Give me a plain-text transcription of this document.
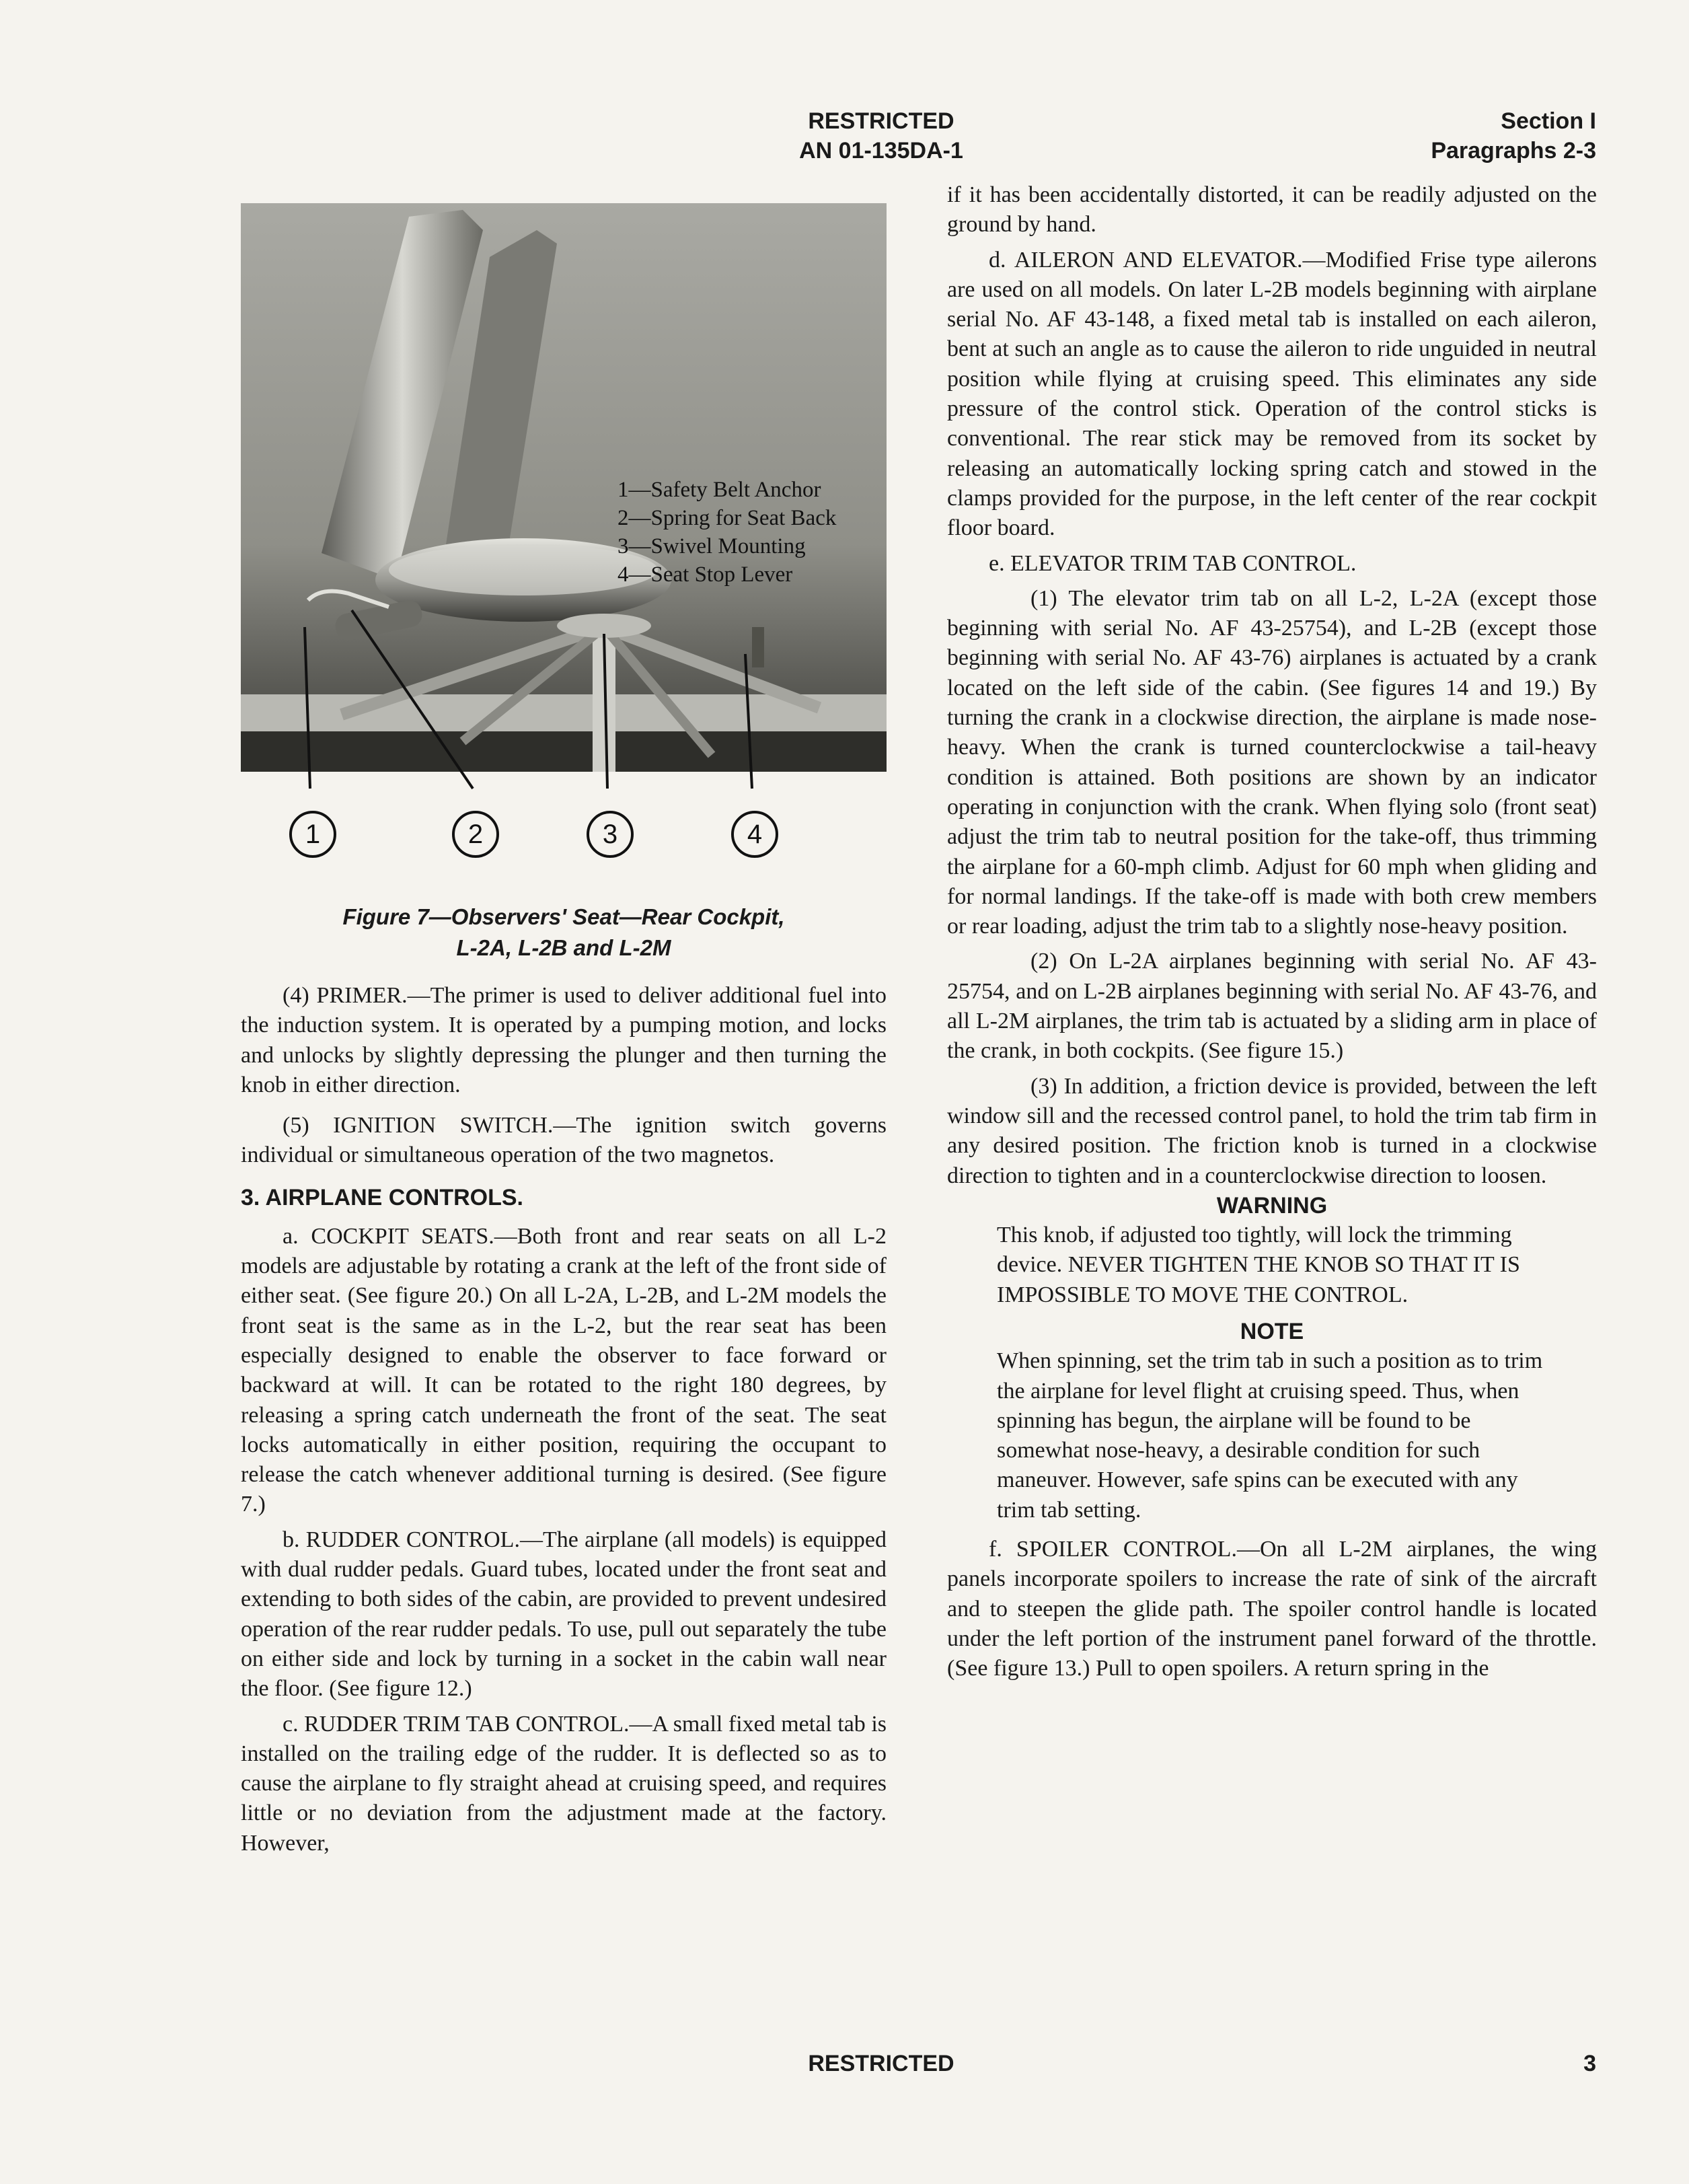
RESTRICTED
AN 01-135DA-1
Section I
Paragraphs 2-3
1—Safety Belt Anchor
2—Spring for Seat Back
3—Swivel Mounting
4—Seat Stop Lever
1	2	3	4
Figure 7—Observers' Seat—Rear Cockpit,
L-2A, L-2B and L-2M

(4) PRIMER.—The primer is used to deliver additional fuel into the induction system. It is operated by a pumping motion, and locks and unlocks by slightly depressing the plunger and then turning the knob in either direction.

(5) IGNITION SWITCH.—The ignition switch governs individual or simultaneous operation of the two magnetos.

3. AIRPLANE CONTROLS.

a. COCKPIT SEATS.—Both front and rear seats on all L-2 models are adjustable by rotating a crank at the left of the front side of either seat. (See figure 20.) On all L-2A, L-2B, and L-2M models the front seat is the same as in the L-2, but the rear seat has been especially designed to enable the observer to face forward or backward at will. It can be rotated to the right 180 degrees, by releasing a spring catch underneath the front of the seat. The seat locks automatically in either position, requiring the occupant to release the catch whenever additional turning is desired. (See figure 7.)

b. RUDDER CONTROL.—The airplane (all models) is equipped with dual rudder pedals. Guard tubes, located under the front seat and extending to both sides of the cabin, are provided to prevent undesired operation of the rear rudder pedals. To use, pull out separately the tube on either side and lock by turning in a socket in the cabin wall near the floor. (See figure 12.)

c. RUDDER TRIM TAB CONTROL.—A small fixed metal tab is installed on the trailing edge of the rudder. It is deflected so as to cause the airplane to fly straight ahead at cruising speed, and requires little or no deviation from the adjustment made at the factory. However,

if it has been accidentally distorted, it can be readily adjusted on the ground by hand.

d. AILERON AND ELEVATOR.—Modified Frise type ailerons are used on all models. On later L-2B models beginning with airplane serial No. AF 43-148, a fixed metal tab is installed on each aileron, bent at such an angle as to cause the aileron to ride unguided in neutral position while flying at cruising speed. This eliminates any side pressure of the control stick. Operation of the control sticks is conventional. The rear stick may be removed from its socket by releasing an automatically locking spring catch and stowed in the clamps provided for the purpose, in the left center of the rear cockpit floor board.

e. ELEVATOR TRIM TAB CONTROL.

(1) The elevator trim tab on all L-2, L-2A (except those beginning with serial No. AF 43-25754), and L-2B (except those beginning with serial No. AF 43-76) airplanes is actuated by a crank located on the left side of the cabin. (See figures 14 and 19.) By turning the crank in a clockwise direction, the airplane is made nose-heavy. When the crank is turned counterclockwise a tail-heavy condition is attained. Both positions are shown by an indicator operating in conjunction with the crank. When flying solo (front seat) adjust the trim tab to neutral position for the take-off, thus trimming the airplane for a 60-mph climb. Adjust for 60 mph when gliding and for normal landings. If the take-off is made with both crew members or rear loading, adjust the trim tab to a slightly nose-heavy position.

(2) On L-2A airplanes beginning with serial No. AF 43-25754, and on L-2B airplanes beginning with serial No. AF 43-76, and all L-2M airplanes, the trim tab is actuated by a sliding arm in place of the crank, in both cockpits. (See figure 15.)

(3) In addition, a friction device is provided, between the left window sill and the recessed control panel, to hold the trim tab firm in any desired position. The friction knob is turned in a clockwise direction to tighten and in a counterclockwise direction to loosen.

WARNING

This knob, if adjusted too tightly, will lock the trimming device. NEVER TIGHTEN THE KNOB SO THAT IT IS IMPOSSIBLE TO MOVE THE CONTROL.

NOTE

When spinning, set the trim tab in such a position as to trim the airplane for level flight at cruising speed. Thus, when spinning has begun, the airplane will be found to be somewhat nose-heavy, a desirable condition for such maneuver. However, safe spins can be executed with any trim tab setting.

f. SPOILER CONTROL.—On all L-2M airplanes, the wing panels incorporate spoilers to increase the rate of sink of the aircraft and to steepen the glide path. The spoiler control handle is located under the left portion of the instrument panel forward of the throttle. (See figure 13.) Pull to open spoilers. A return spring in the

RESTRICTED	3
